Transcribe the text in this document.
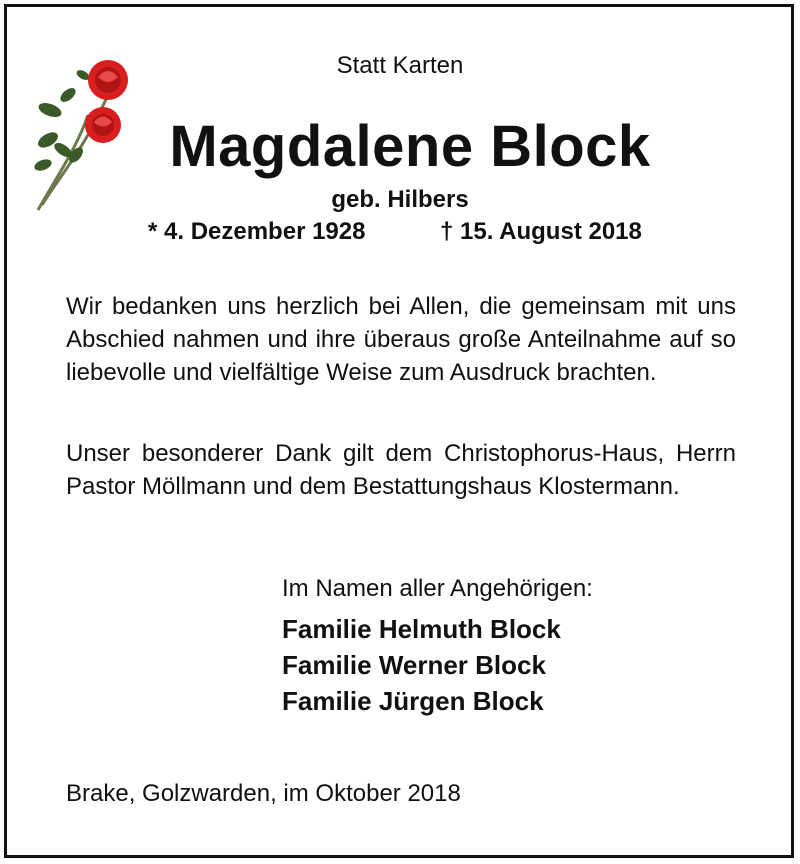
Statt Karten
Magdalene Block
geb. Hilbers
* 4. Dezember 1928	† 15. August 2018
Wir bedanken uns herzlich bei Allen, die gemeinsam mit uns Abschied nahmen und ihre überaus große Anteilnahme auf so liebevolle und vielfältige Weise zum Ausdruck brachten.
Unser besonderer Dank gilt dem Christophorus-Haus, Herrn Pastor Möllmann und dem Bestattungshaus Klostermann.
Im Namen aller Angehörigen:
Familie Helmuth Block
Familie Werner Block
Familie Jürgen Block
Brake, Golzwarden, im Oktober 2018
